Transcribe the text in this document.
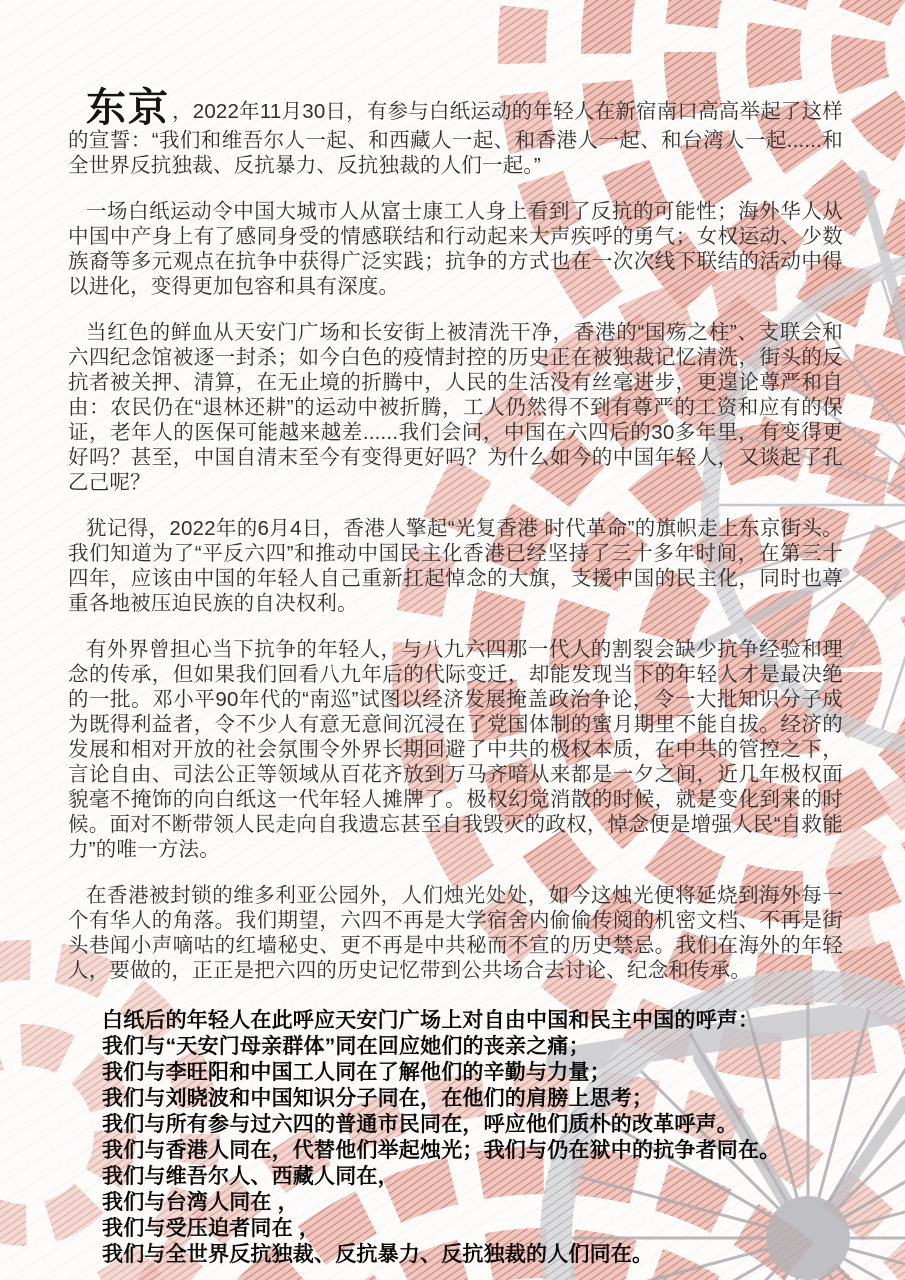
东京，2022年11月30日，有参与白纸运动的年轻人在新宿南口高高举起了这样的宣誓：“我们和维吾尔人一起、和西藏人一起、和香港人一起、和台湾人一起......和全世界反抗独裁、反抗暴力、反抗独裁的人们一起。”

一场白纸运动令中国大城市人从富士康工人身上看到了反抗的可能性；海外华人从中国中产身上有了感同身受的情感联结和行动起来大声疾呼的勇气；女权运动、少数族裔等多元观点在抗争中获得广泛实践；抗争的方式也在一次次线下联结的活动中得以进化，变得更加包容和具有深度。

当红色的鲜血从天安门广场和长安街上被清洗干净，香港的“国殇之柱”、支联会和六四纪念馆被逐一封杀；如今白色的疫情封控的历史正在被独裁记忆清洗，街头的反抗者被关押、清算，在无止境的折腾中，人民的生活没有丝毫进步，更遑论尊严和自由：农民仍在“退林还耕”的运动中被折腾，工人仍然得不到有尊严的工资和应有的保证，老年人的医保可能越来越差......我们会问，中国在六四后的30多年里，有变得更好吗？甚至，中国自清末至今有变得更好吗？为什么如今的中国年轻人，又谈起了孔乙己呢？

犹记得，2022年的6月4日，香港人擎起“光复香港 时代革命”的旗帜走上东京街头。我们知道为了“平反六四”和推动中国民主化香港已经坚持了三十多年时间，在第三十四年，应该由中国的年轻人自己重新扛起悼念的大旗，支援中国的民主化，同时也尊重各地被压迫民族的自决权利。

有外界曾担心当下抗争的年轻人，与八九六四那一代人的割裂会缺少抗争经验和理念的传承，但如果我们回看八九年后的代际变迁，却能发现当下的年轻人才是最决绝的一批。邓小平90年代的“南巡”试图以经济发展掩盖政治争论，令一大批知识分子成为既得利益者，令不少人有意无意间沉浸在了党国体制的蜜月期里不能自拔。经济的发展和相对开放的社会氛围令外界长期回避了中共的极权本质，在中共的管控之下，言论自由、司法公正等领域从百花齐放到万马齐喑从来都是一夕之间，近几年极权面貌毫不掩饰的向白纸这一代年轻人摊牌了。极权幻觉消散的时候，就是变化到来的时候。面对不断带领人民走向自我遗忘甚至自我毁灭的政权，悼念便是增强人民“自救能力”的唯一方法。

在香港被封锁的维多利亚公园外，人们烛光处处，如今这烛光便将延烧到海外每一个有华人的角落。我们期望，六四不再是大学宿舍内偷偷传阅的机密文档、不再是街头巷闻小声嘀咕的红墙秘史、更不再是中共秘而不宣的历史禁忌。我们在海外的年轻人，要做的，正正是把六四的历史记忆带到公共场合去讨论、纪念和传承。

白纸后的年轻人在此呼应天安门广场上对自由中国和民主中国的呼声：
我们与“天安门母亲群体”同在回应她们的丧亲之痛；
我们与李旺阳和中国工人同在了解他们的辛勤与力量；
我们与刘晓波和中国知识分子同在，在他们的肩膀上思考；
我们与所有参与过六四的普通市民同在，呼应他们质朴的改革呼声。
我们与香港人同在，代替他们举起烛光；我们与仍在狱中的抗争者同在。
我们与维吾尔人、西藏人同在，
我们与台湾人同在 ，
我们与受压迫者同在 ，
我们与全世界反抗独裁、反抗暴力、反抗独裁的人们同在。
